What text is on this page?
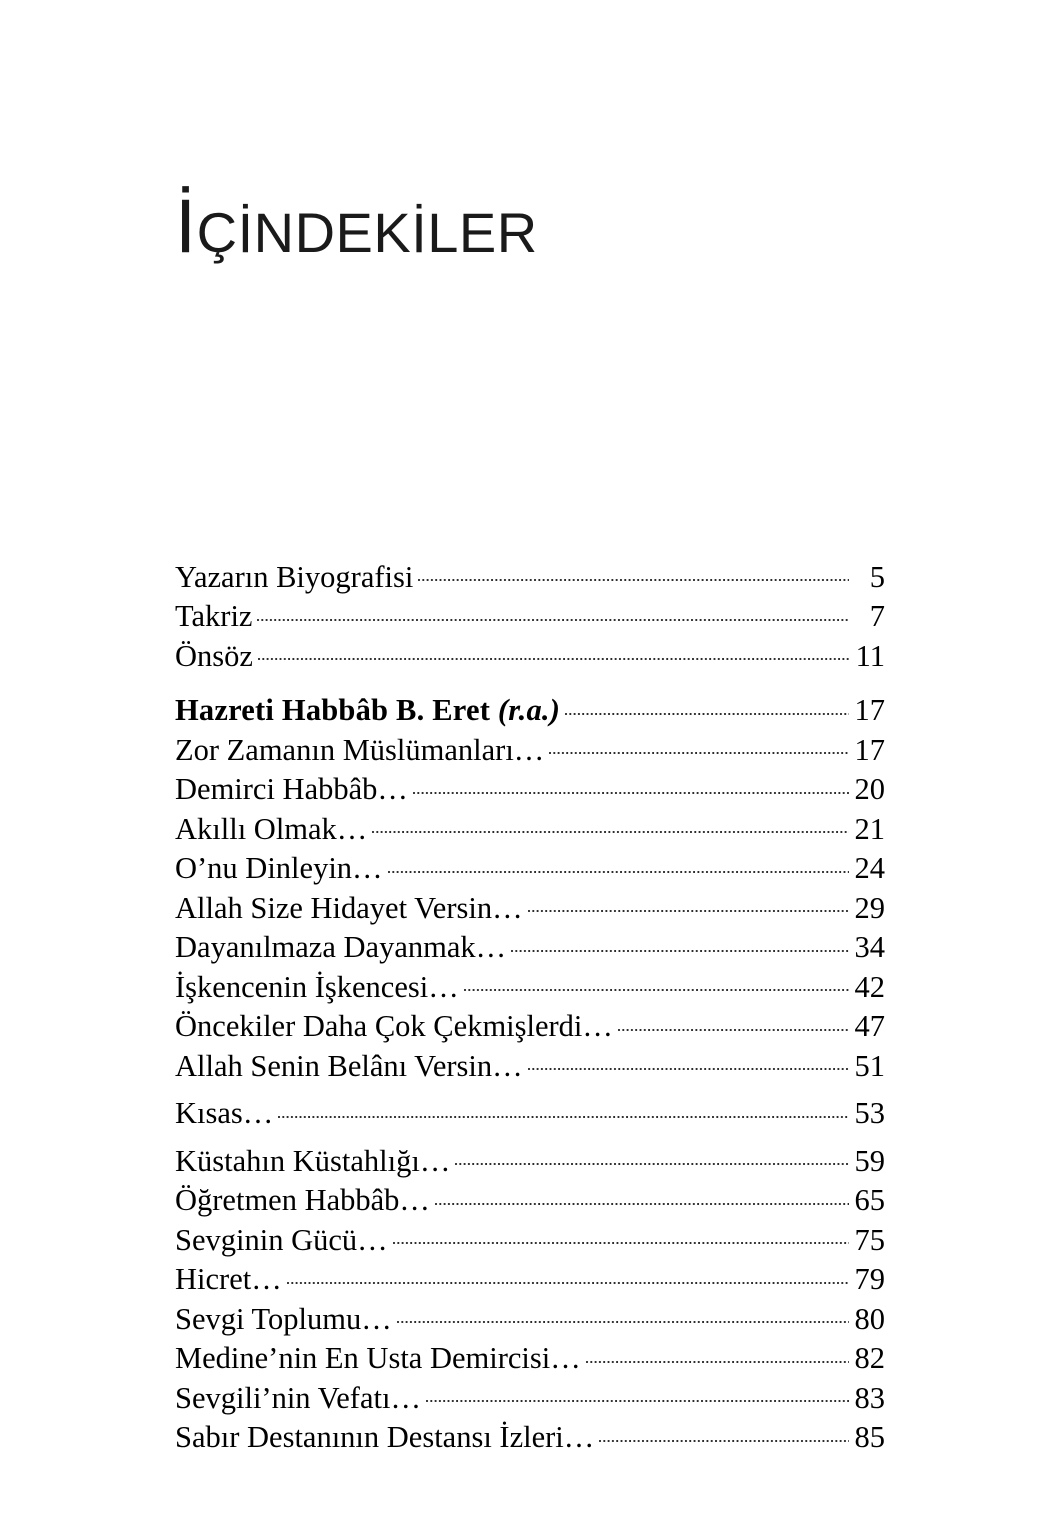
İÇİNDEKİLER
Yazarın Biyografisi	5
Takriz	7
Önsöz	11
Hazreti Habbâb B. Eret (r.a.)	17
Zor Zamanın Müslümanları…	17
Demirci Habbâb…	20
Akıllı Olmak…	21
O’nu Dinleyin…	24
Allah Size Hidayet Versin…	29
Dayanılmaza Dayanmak…	34
İşkencenin İşkencesi…	42
Öncekiler Daha Çok Çekmişlerdi…	47
Allah Senin Belânı Versin…	51
Kısas…	53
Küstahın Küstahlığı…	59
Öğretmen Habbâb…	65
Sevginin Gücü…	75
Hicret…	79
Sevgi Toplumu…	80
Medine’nin En Usta Demircisi…	82
Sevgili’nin Vefatı…	83
Sabır Destanının Destansı İzleri…	85
